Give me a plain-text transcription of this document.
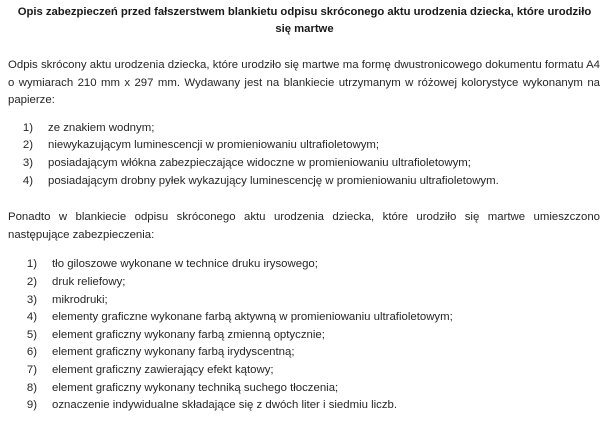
Opis zabezpieczeń przed fałszerstwem blankietu odpisu skróconego aktu urodzenia dziecka, które urodziło się martwe

Odpis skrócony aktu urodzenia dziecka, które urodziło się martwe ma formę dwustronicowego dokumentu formatu A4 o wymiarach 210 mm x 297 mm. Wydawany jest na blankiecie utrzymanym w różowej kolorystyce wykonanym na papierze:

1) ze znakiem wodnym;
2) niewykazującym luminescencji w promieniowaniu ultrafioletowym;
3) posiadającym włókna zabezpieczające widoczne w promieniowaniu ultrafioletowym;
4) posiadającym drobny pyłek wykazujący luminescencję w promieniowaniu ultrafioletowym.

Ponadto w blankiecie odpisu skróconego aktu urodzenia dziecka, które urodziło się martwe umieszczono następujące zabezpieczenia:

1) tło giloszowe wykonane w technice druku irysowego;
2) druk reliefowy;
3) mikrodruki;
4) elementy graficzne wykonane farbą aktywną w promieniowaniu ultrafioletowym;
5) element graficzny wykonany farbą zmienną optycznie;
6) element graficzny wykonany farbą irydyscentną;
7) element graficzny zawierający efekt kątowy;
8) element graficzny wykonany techniką suchego tłoczenia;
9) oznaczenie indywidualne składające się z dwóch liter i siedmiu liczb.
